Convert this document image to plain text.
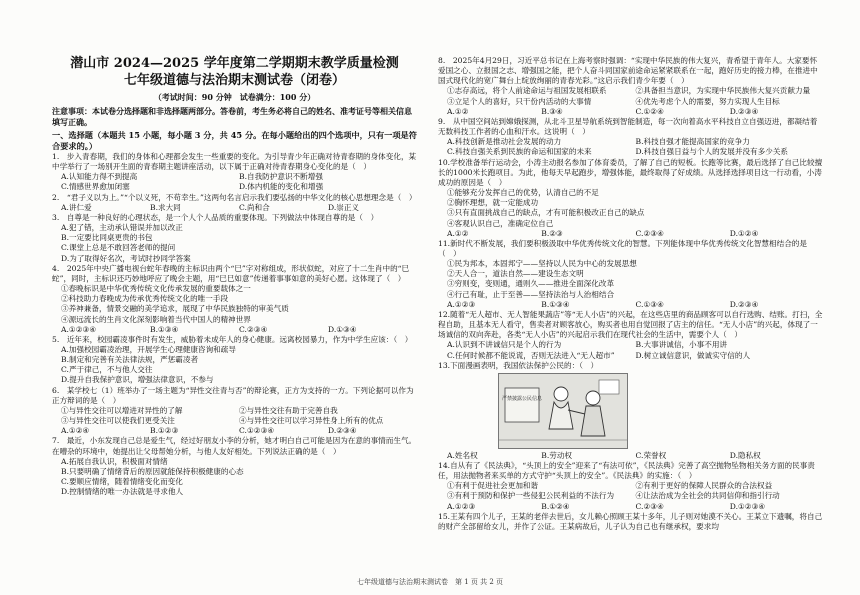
潜山市 2024—2025 学年度第二学期期末教学质量检测
七年级道德与法治期末测试卷（闭卷）
（考试时间：90 分钟　试卷满分：100 分）
注意事项：本试卷分选择题和非选择题两部分。答卷前，考生务必将自己的姓名、准考证号等相关信息填写正确。
一、选择题（本题共 15 小题，每小题 3 分，共 45 分。在每小题给出的四个选项中，只有一项是符合要求的。）
1.　步入青春期，我们的身体和心理都会发生一些重要的变化。为引导青少年正确对待青春期的身体变化，某中学举行了一场别开生面的青春期主题讲座活动，以下属于正确对待青春期身心变化的是（　）
A.认知能力得不到提高	B.自我防护意识不断增强
C.情感世界愈加闭塞	D.体内机能的变化和增强
2.　“君子义以为上。”“个以义死，不苟幸生。”这两句名言启示我们要弘扬的中华文化的核心思想理念是（　）
A.讲仁爱	B.求大同	C.尚和合	D.崇正义
3.　自尊是一种良好的心理状态，是一个人个人品质的重要体现。下列做法中体现自尊的是（　）
A.犯了错，主动承认错误并加以改正
B.一定要比同桌更贵的书包
C.课堂上总是不敢回答老师的提问
D.为了取得好名次，考试时抄同学答案
4.　2025年中央广播电视台蛇年春晚的主标识由两个“巳”字对称组成，形状似蛇，对应了十二生肖中的“巳蛇”，同时，主标识还巧妙地呼应了晚会主题，用“巳巳如意”传递着事事如意的美好心愿。这体现了（　）
①春晚标识是中华优秀传统文化传承发展的重要载体之一
②科技助力春晚成为传承优秀传统文化的唯一手段
③养神兼备，情景交融的美学追求，展现了中华民族独特的审美气质
④源远流长的生肖文化深刻影响着当代中国人的精神世界
A.①②③④	B.①③④	C.②③④	D.①③④
5.　近年来，校园霸凌事件时有发生，威胁着未成年人的身心健康。远离校园暴力，作为中学生应该：（　）
A.加强校园霸凌治理，开展学生心理健康咨询和疏导
B.制定和完善有关法律法规，严惩霸凌者
C.严于律己，不与他人交往
D.提升自我保护意识，增强法律意识，不参与
6.　某学校七（1）班举办了一场主题为“异性交往青与否”的辩论赛，正方为支持的一方。下列论据可以作为正方辩词的是（　）
①与异性交往可以增进对异性的了解	②与异性交往有助于完善自我
③与异性交往可以使我们更受关注	④与异性交往可以学习异性身上所有的优点
A.①②④	B.①②③	C.①②③④	D.②③④
7.　最近，小东发现自己总是爱生气，经过好朋友小李的分析，她才明白自己可能是因为在意的事情而生气。在嘈杂的环境中，她提出让父母帮她分析，与他人友好相处。下列说法正确的是（　）
A.拓展自我认识，积极面对情绪
B.只要明确了情绪背后的原因就能保持积极健康的心态
C.要顺应情绪，随着情绪变化而变化
D.控制情绪的唯一办法就是寻求他人
8.　2025年4月29日，习近平总书记在上海考察时强调：“实现中华民族的伟大复兴，青希望于青年人。大家要怀爱国之心、立报国之志、增强国之能，把个人奋斗同国家前途命运紧紧联系在一起，跑好历史的接力棒，在推进中国式现代化的宽广舞台上绽放绚丽的青春光彩。”这启示我们青少年要（　）
①志存高远，将个人前途命运与祖国发展相联系	②具备担当意识，为实现中华民族伟大复兴贡献力量
③立足个人的喜好，只干份内活动的大事情	④优先考虑个人的需要，努力实现人生目标
A.①②	B.③④	C.①②④	D.②③④
9.　从中国空间站到嫦娥探测，从北斗卫星导航系统到智能制造，每一次向着高水平科技自立自强迈进，都凝结着无数科技工作者的心血和汗水。这说明（　）
A.科技创新是推动社会发展的动力	B.科技自强才能提高国家的竞争力
C.科技自强关系到民族的命运和国家的未来	D.科技自强日益与个人的发展并没有多少关系
10.学校准备举行运动会，小涛主动报名参加了体育委员，了解了自己的短板。长跑等比赛，最后选择了自己比较擅长的1000米长跑项目。为此，他每天早起跑步，增强体能，最终取得了好成绩。从选择选择项目这一行动看，小涛成功的原因是（　）
①能够充分发挥自己的优势，认清自己的不足
②胸怀理想，就一定能成功
③只有直面挑战自己的缺点，才有可能积极改正自己的缺点
④客观认识自己，准确定位自己
A.①②	B.②③	C.②③④	D.①②④
11.新时代不断发展，我们要积极汲取中华优秀传统文化的智慧。下列能体现中华优秀传统文化智慧相结合的是（　）
①民为邦本，本固邦宁——坚持以人民为中心的发展思想
②天人合一，道法自然——建设生态文明
③穷则变，变则通，通则久——推进全面深化改革
④行己有耻，止于至善——坚持法治与人治相结合
A.①②③	B.①③④	C.①③④	D.②③④
12.随着“无人超市、无人智能果蔬店”等“无人小店”的兴起，在这些店里的商品顾客可以自行选购、结账。打扫，全程自助，且基本无人看守，售卖者对顾客放心，购买者也用自觉回报了店主的信任。“无人小店”的兴起，体现了一场诚信的双向奔赴，各类“无人小店”的兴起启示我们在现代社会的生活中，需要个人（　）
A.认识到不讲诚信只是个人的行为	B.大事讲诚信，小事不用讲
C.任何时候都不能说谎，否则无法进入“无人超市”	D.树立诚信意识，做诚实守信的人
13.下面漫画表明，我国依法保护公民的：（　）
严禁披露公民信息
A.姓名权	B.劳动权	C.荣誉权	D.隐私权
14.自从有了《民法典》，“头顶上的安全”迎来了“有法可依”，《民法典》完善了高空抛物坠物相关务方面的民事责任，用法抛物者来买单的方式守护“头顶上的安全”。《民法典》的实施：（　）
①有利于促进社会更加和谐	②有利于更好的保障人民群众的合法权益
③有利于预防和保护一些侵犯公民利益的不法行为	④让法治成为全社会的共同信仰和指引行动
A.①②③	B.①②④	C.②③④	D.①②③④
15.王某有四个儿子，王某的老伴去世后，女儿赖心照顾王某十多年，儿子则对她漠不关心。王某立下遗嘱，将自己的财产全部留给女儿，并作了公证。王某病故后，儿子认为自己也有继承权，要求均
七年级道德与法治期末测试卷　第 1 页 共 2 页
